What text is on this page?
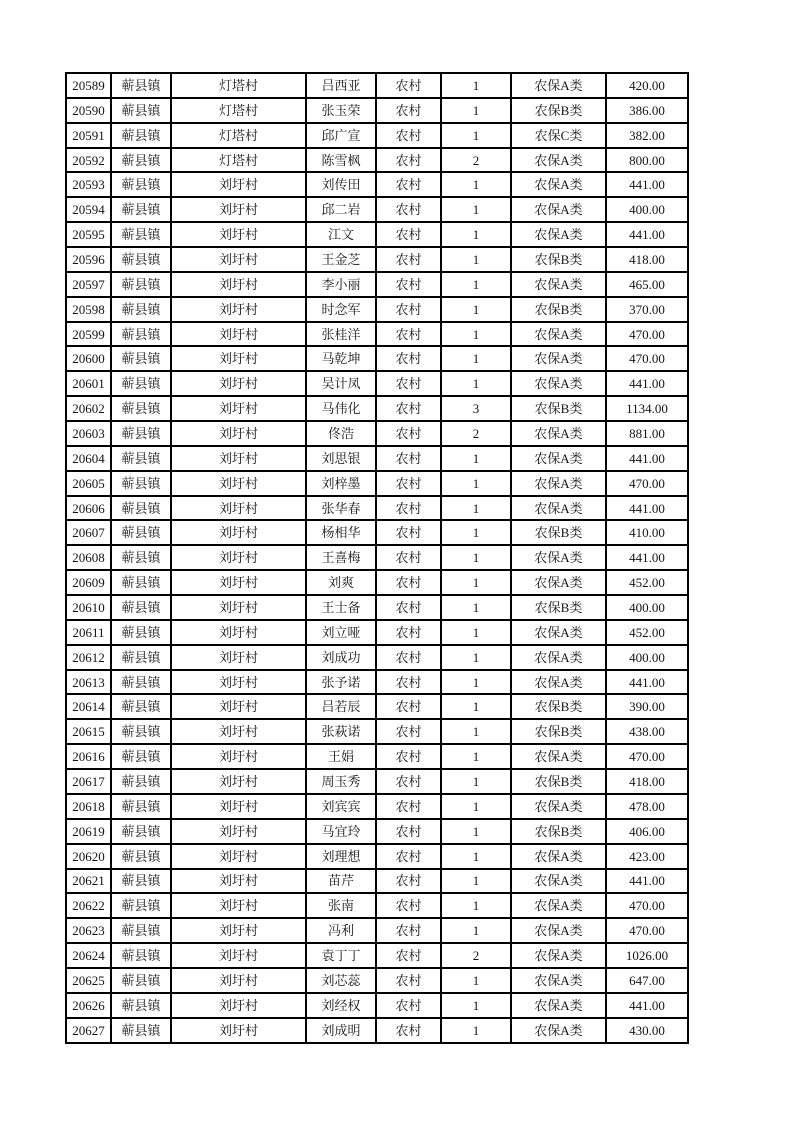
20589	蕲县镇	灯塔村	吕西亚	农村	1	农保A类	420.00
20590	蕲县镇	灯塔村	张玉荣	农村	1	农保B类	386.00
20591	蕲县镇	灯塔村	邱广宣	农村	1	农保C类	382.00
20592	蕲县镇	灯塔村	陈雪枫	农村	2	农保A类	800.00
20593	蕲县镇	刘圩村	刘传田	农村	1	农保A类	441.00
20594	蕲县镇	刘圩村	邱二岩	农村	1	农保A类	400.00
20595	蕲县镇	刘圩村	江文	农村	1	农保A类	441.00
20596	蕲县镇	刘圩村	王金芝	农村	1	农保B类	418.00
20597	蕲县镇	刘圩村	李小丽	农村	1	农保A类	465.00
20598	蕲县镇	刘圩村	时念军	农村	1	农保B类	370.00
20599	蕲县镇	刘圩村	张桂洋	农村	1	农保A类	470.00
20600	蕲县镇	刘圩村	马乾坤	农村	1	农保A类	470.00
20601	蕲县镇	刘圩村	吴计凤	农村	1	农保A类	441.00
20602	蕲县镇	刘圩村	马伟化	农村	3	农保B类	1134.00
20603	蕲县镇	刘圩村	佟浩	农村	2	农保A类	881.00
20604	蕲县镇	刘圩村	刘思银	农村	1	农保A类	441.00
20605	蕲县镇	刘圩村	刘梓墨	农村	1	农保A类	470.00
20606	蕲县镇	刘圩村	张华春	农村	1	农保A类	441.00
20607	蕲县镇	刘圩村	杨相华	农村	1	农保B类	410.00
20608	蕲县镇	刘圩村	王喜梅	农村	1	农保A类	441.00
20609	蕲县镇	刘圩村	刘爽	农村	1	农保A类	452.00
20610	蕲县镇	刘圩村	王士备	农村	1	农保B类	400.00
20611	蕲县镇	刘圩村	刘立哑	农村	1	农保A类	452.00
20612	蕲县镇	刘圩村	刘成功	农村	1	农保A类	400.00
20613	蕲县镇	刘圩村	张予诺	农村	1	农保A类	441.00
20614	蕲县镇	刘圩村	吕若辰	农村	1	农保B类	390.00
20615	蕲县镇	刘圩村	张萩诺	农村	1	农保B类	438.00
20616	蕲县镇	刘圩村	王娟	农村	1	农保A类	470.00
20617	蕲县镇	刘圩村	周玉秀	农村	1	农保B类	418.00
20618	蕲县镇	刘圩村	刘宾宾	农村	1	农保A类	478.00
20619	蕲县镇	刘圩村	马宜玲	农村	1	农保B类	406.00
20620	蕲县镇	刘圩村	刘理想	农村	1	农保A类	423.00
20621	蕲县镇	刘圩村	苗芹	农村	1	农保A类	441.00
20622	蕲县镇	刘圩村	张南	农村	1	农保A类	470.00
20623	蕲县镇	刘圩村	冯利	农村	1	农保A类	470.00
20624	蕲县镇	刘圩村	袁丁丁	农村	2	农保A类	1026.00
20625	蕲县镇	刘圩村	刘芯蕊	农村	1	农保A类	647.00
20626	蕲县镇	刘圩村	刘经权	农村	1	农保A类	441.00
20627	蕲县镇	刘圩村	刘成明	农村	1	农保A类	430.00
